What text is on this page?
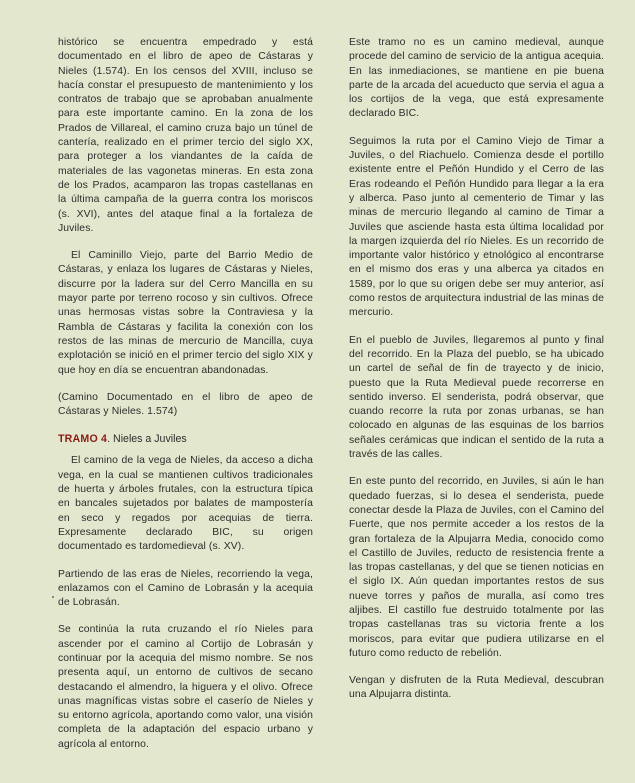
histórico se encuentra empedrado y está documentado en el libro de apeo de Cástaras y Nieles (1.574). En los censos del XVIII, incluso se hacía constar el presupuesto de mantenimiento y los contratos de trabajo que se aprobaban anualmente para este importante camino. En la zona de los Prados de Villareal, el camino cruza bajo un túnel de cantería, realizado en el primer tercio del siglo XX, para proteger a los viandantes de la caída de materiales de las vagonetas mineras. En esta zona de los Prados, acamparon las tropas castellanas en la última campaña de la guerra contra los moriscos (s. XVI), antes del ataque final a la fortaleza de Juviles.

El Caminillo Viejo, parte del Barrio Medio de Cástaras, y enlaza los lugares de Cástaras y Nieles, discurre por la ladera sur del Cerro Mancilla en su mayor parte por terreno rocoso y sin cultivos. Ofrece unas hermosas vistas sobre la Contraviesa y la Rambla de Cástaras y facilita la conexión con los restos de las minas de mercurio de Mancilla, cuya explotación se inició en el primer tercio del siglo XIX y que hoy en día se encuentran abandonadas.

(Camino Documentado en el libro de apeo de Cástaras y Nieles. 1.574)

TRAMO 4. Nieles a Juviles

El camino de la vega de Nieles, da acceso a dicha vega, en la cual se mantienen cultivos tradicionales de huerta y árboles frutales, con la estructura típica en bancales sujetados por balates de mampostería en seco y regados por acequias de tierra. Expresamente declarado BIC, su origen documentado es tardomedieval (s. XV).

Partiendo de las eras de Nieles, recorriendo la vega, enlazamos con el Camino de Lobrasán y la acequia de Lobrasán.

Se continúa la ruta cruzando el río Nieles para ascender por el camino al Cortijo de Lobrasán y continuar por la acequia del mismo nombre. Se nos presenta aquí, un entorno de cultivos de secano destacando el almendro, la higuera y el olivo. Ofrece unas magníficas vistas sobre el caserío de Nieles y su entorno agrícola, aportando como valor, una visión completa de la adaptación del espacio urbano y agrícola al entorno.

Este tramo no es un camino medieval, aunque procede del camino de servicio de la antigua acequia. En las inmediaciones, se mantiene en pie buena parte de la arcada del acueducto que servia el agua a los cortijos de la vega, que está expresamente declarado BIC.

Seguimos la ruta por el Camino Viejo de Timar a Juviles, o del Riachuelo. Comienza desde el portillo existente entre el Peñón Hundido y el Cerro de las Eras rodeando el Peñón Hundido para llegar a la era y alberca. Paso junto al cementerio de Timar y las minas de mercurio llegando al camino de Timar a Juviles que asciende hasta esta última localidad por la margen izquierda del río Nieles. Es un recorrido de importante valor histórico y etnológico al encontrarse en el mismo dos eras y una alberca ya citados en 1589, por lo que su origen debe ser muy anterior, así como restos de arquitectura industrial de las minas de mercurio.

En el pueblo de Juviles, llegaremos al punto y final del recorrido. En la Plaza del pueblo, se ha ubicado un cartel de señal de fin de trayecto y de inicio, puesto que la Ruta Medieval puede recorrerse en sentido inverso. El senderista, podrá observar, que cuando recorre la ruta por zonas urbanas, se han colocado en algunas de las esquinas de los barrios señales cerámicas que indican el sentido de la ruta a través de las calles.

En este punto del recorrido, en Juviles, si aún le han quedado fuerzas, si lo desea el senderista, puede conectar desde la Plaza de Juviles, con el Camino del Fuerte, que nos permite acceder a los restos de la gran fortaleza de la Alpujarra Media, conocido como el Castillo de Juviles, reducto de resistencia frente a las tropas castellanas, y del que se tienen noticias en el siglo IX. Aún quedan importantes restos de sus nueve torres y paños de muralla, así como tres aljibes. El castillo fue destruido totalmente por las tropas castellanas tras su victoria frente a los moriscos, para evitar que pudiera utilizarse en el futuro como reducto de rebelión.

Vengan y disfruten de la Ruta Medieval, descubran una Alpujarra distinta.
